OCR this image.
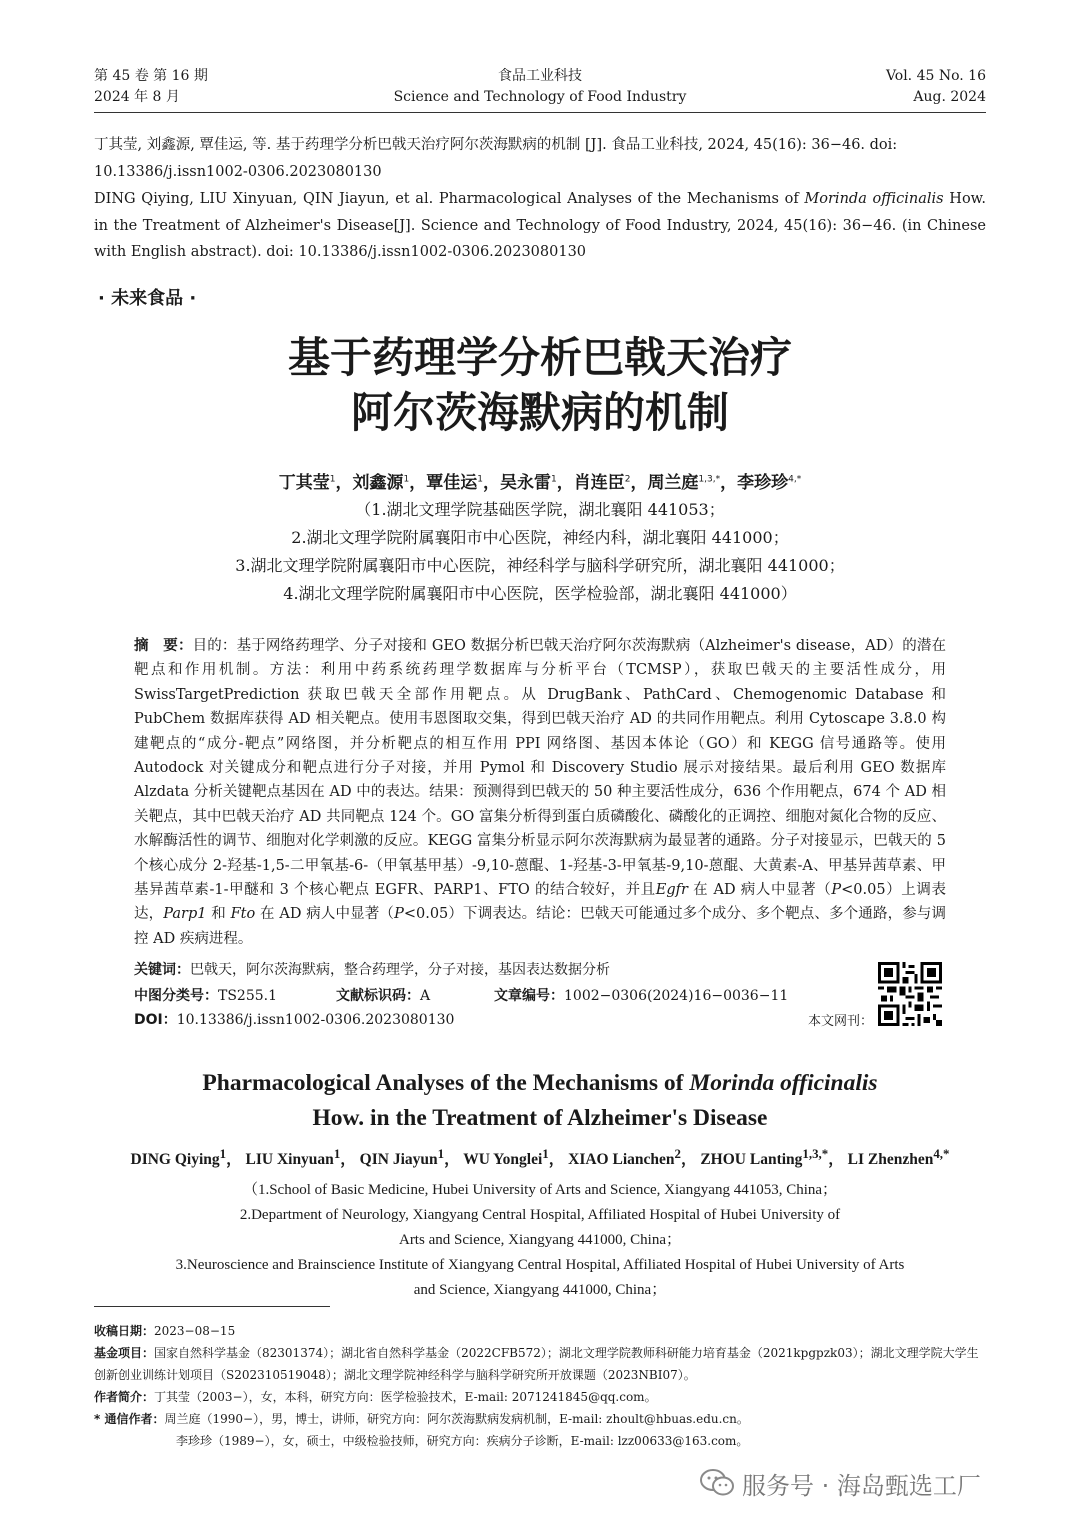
第 45 卷 第 16 期
2024 年 8 月
食品工业科技
Science and Technology of Food Industry
Vol. 45 No. 16
Aug. 2024
丁其莹, 刘鑫源, 覃佳运, 等. 基于药理学分析巴戟天治疗阿尔茨海默病的机制 [J]. 食品工业科技, 2024, 45(16): 36−46. doi: 10.13386/j.issn1002-0306.2023080130
DING Qiying, LIU Xinyuan, QIN Jiayun, et al. Pharmacological Analyses of the Mechanisms of Morinda officinalis How. in the Treatment of Alzheimer's Disease[J]. Science and Technology of Food Industry, 2024, 45(16): 36−46. (in Chinese with English abstract). doi: 10.13386/j.issn1002-0306.2023080130
· 未来食品 ·
基于药理学分析巴戟天治疗
阿尔茨海默病的机制
丁其莹$^1$，刘鑫源$^1$，覃佳运$^1$，吴永雷$^1$，肖连臣$^2$，周兰庭$^{1,3,*}$，李珍珍$^{4,*}$
（1.湖北文理学院基础医学院，湖北襄阳 441053；
2.湖北文理学院附属襄阳市中心医院，神经内科，湖北襄阳 441000；
3.湖北文理学院附属襄阳市中心医院，神经科学与脑科学研究所，湖北襄阳 441000；
4.湖北文理学院附属襄阳市中心医院，医学检验部，湖北襄阳 441000）
摘　要：目的：基于网络药理学、分子对接和 GEO 数据分析巴戟天治疗阿尔茨海默病（Alzheimer's disease，AD）的潜在靶点和作用机制。方法：利用中药系统药理学数据库与分析平台（TCMSP），获取巴戟天的主要活性成分，用 SwissTargetPrediction 获取巴戟天全部作用靶点。从 DrugBank、PathCard、Chemogenomic Database 和 PubChem 数据库获得 AD 相关靶点。使用韦恩图取交集，得到巴戟天治疗 AD 的共同作用靶点。利用 Cytoscape 3.8.0 构建靶点的“成分-靶点”网络图，并分析靶点的相互作用 PPI 网络图、基因本体论（GO）和 KEGG 信号通路等。使用 Autodock 对关键成分和靶点进行分子对接，并用 Pymol 和 Discovery Studio 展示对接结果。最后利用 GEO 数据库 Alzdata 分析关键靶点基因在 AD 中的表达。结果：预测得到巴戟天的 50 种主要活性成分，636 个作用靶点，674 个 AD 相关靶点，其中巴戟天治疗 AD 共同靶点 124 个。GO 富集分析得到蛋白质磷酸化、磷酸化的正调控、细胞对氮化合物的反应、水解酶活性的调节、细胞对化学刺激的反应。KEGG 富集分析显示阿尔茨海默病为最显著的通路。分子对接显示，巴戟天的 5 个核心成分 2-羟基-1,5-二甲氧基-6-（甲氧基甲基）-9,10-蒽醌、1-羟基-3-甲氧基-9,10-蒽醌、大黄素-A、甲基异茜草素、甲基异茜草素-1-甲醚和 3 个核心靶点 EGFR、PARP1、FTO 的结合较好，并且Egfr 在 AD 病人中显著（P<0.05）上调表达，Parp1 和 Fto 在 AD 病人中显著（P<0.05）下调表达。结论：巴戟天可能通过多个成分、多个靶点、多个通路，参与调控 AD 疾病进程。
关键词：巴戟天，阿尔茨海默病，整合药理学，分子对接，基因表达数据分析
中图分类号：TS255.1	文献标识码：A	文章编号：1002−0306(2024)16−0036−11
DOI：10.13386/j.issn1002-0306.2023080130	本文网刊：
Pharmacological Analyses of the Mechanisms of Morinda officinalis
How. in the Treatment of Alzheimer's Disease
DING Qiying$^1$， LIU Xinyuan$^1$， QIN Jiayun$^1$， WU Yonglei$^1$， XIAO Lianchen$^2$， ZHOU Lanting$^{1,3,*}$， LI Zhenzhen$^{4,*}$
（1.School of Basic Medicine, Hubei University of Arts and Science, Xiangyang 441053, China；
2.Department of Neurology, Xiangyang Central Hospital, Affiliated Hospital of Hubei University of
Arts and Science, Xiangyang 441000, China；
3.Neuroscience and Brainscience Institute of Xiangyang Central Hospital, Affiliated Hospital of Hubei University of Arts
and Science, Xiangyang 441000, China；
收稿日期：2023−08−15
基金项目：国家自然科学基金（82301374）；湖北省自然科学基金（2022CFB572）；湖北文理学院教师科研能力培育基金（2021kpgpzk03）；湖北文理学院大学生创新创业训练计划项目（S202310519048）；湖北文理学院神经科学与脑科学研究所开放课题（2023NBI07）。
作者简介：丁其莹（2003−），女，本科，研究方向：医学检验技术，E-mail: 2071241845@qq.com。
* 通信作者：周兰庭（1990−），男，博士，讲师，研究方向：阿尔茨海默病发病机制，E-mail: zhoult@hbuas.edu.cn。
李珍珍（1989−），女，硕士，中级检验技师，研究方向：疾病分子诊断，E-mail: lzz00633@163.com。
服务号 · 海岛甄选工厂
